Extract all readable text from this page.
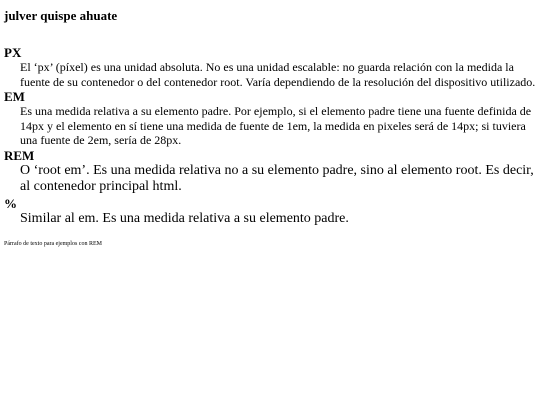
julver quispe ahuate
PX
El ‘px’ (píxel) es una unidad absoluta. No es una unidad escalable: no guarda relación con la medida la fuente de su contenedor o del contenedor root. Varía dependiendo de la resolución del dispositivo utilizado.
EM
Es una medida relativa a su elemento padre. Por ejemplo, si el elemento padre tiene una fuente definida de 14px y el elemento en sí tiene una medida de fuente de 1em, la medida en pixeles será de 14px; si tuviera una fuente de 2em, sería de 28px.
REM
O ‘root em’. Es una medida relativa no a su elemento padre, sino al elemento root. Es decir, al contenedor principal html.
%
Similar al em. Es una medida relativa a su elemento padre.

Párrafo de texto para ejemplos con REM
